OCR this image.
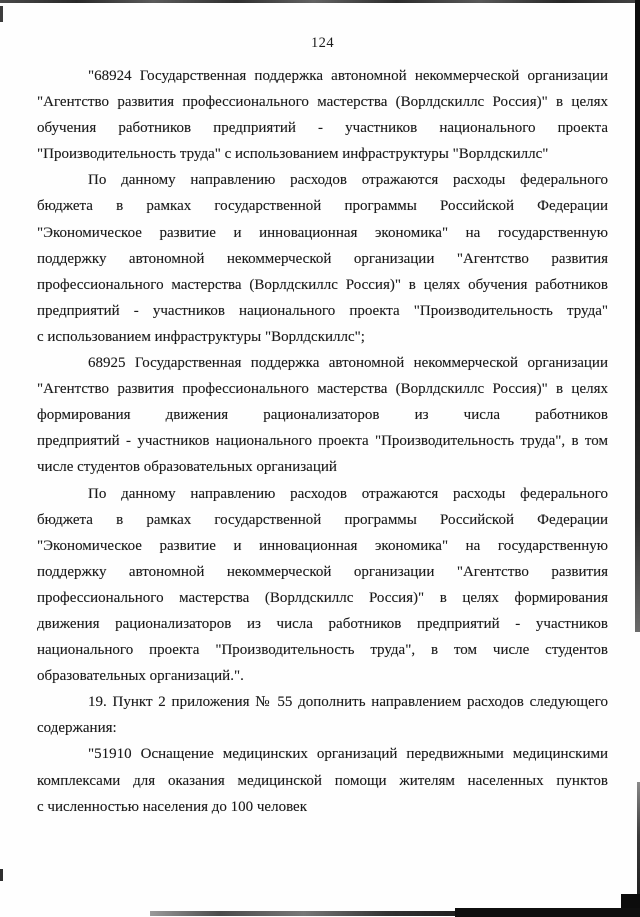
124
"68924 Государственная поддержка автономной некоммерческой организации
"Агентство развития профессионального мастерства (Ворлдскиллс Россия)" в целях
обучения работников предприятий - участников национального проекта
"Производительность труда" с использованием инфраструктуры "Ворлдскиллс"
По данному направлению расходов отражаются расходы федерального
бюджета в рамках государственной программы Российской Федерации
"Экономическое развитие и инновационная экономика" на государственную
поддержку автономной некоммерческой организации "Агентство развития
профессионального мастерства (Ворлдскиллс Россия)" в целях обучения работников
предприятий - участников национального проекта "Производительность труда"
с использованием инфраструктуры "Ворлдскиллс";
68925 Государственная поддержка автономной некоммерческой организации
"Агентство развития профессионального мастерства (Ворлдскиллс Россия)" в целях
формирования движения рационализаторов из числа работников
предприятий - участников национального проекта "Производительность труда", в том
числе студентов образовательных организаций
По данному направлению расходов отражаются расходы федерального
бюджета в рамках государственной программы Российской Федерации
"Экономическое развитие и инновационная экономика" на государственную
поддержку автономной некоммерческой организации "Агентство развития
профессионального мастерства (Ворлдскиллс Россия)" в целях формирования
движения рационализаторов из числа работников предприятий - участников
национального проекта "Производительность труда", в том числе студентов
образовательных организаций.".
19. Пункт 2 приложения № 55 дополнить направлением расходов следующего
содержания:
"51910 Оснащение медицинских организаций передвижными медицинскими
комплексами для оказания медицинской помощи жителям населенных пунктов
с численностью населения до 100 человек
